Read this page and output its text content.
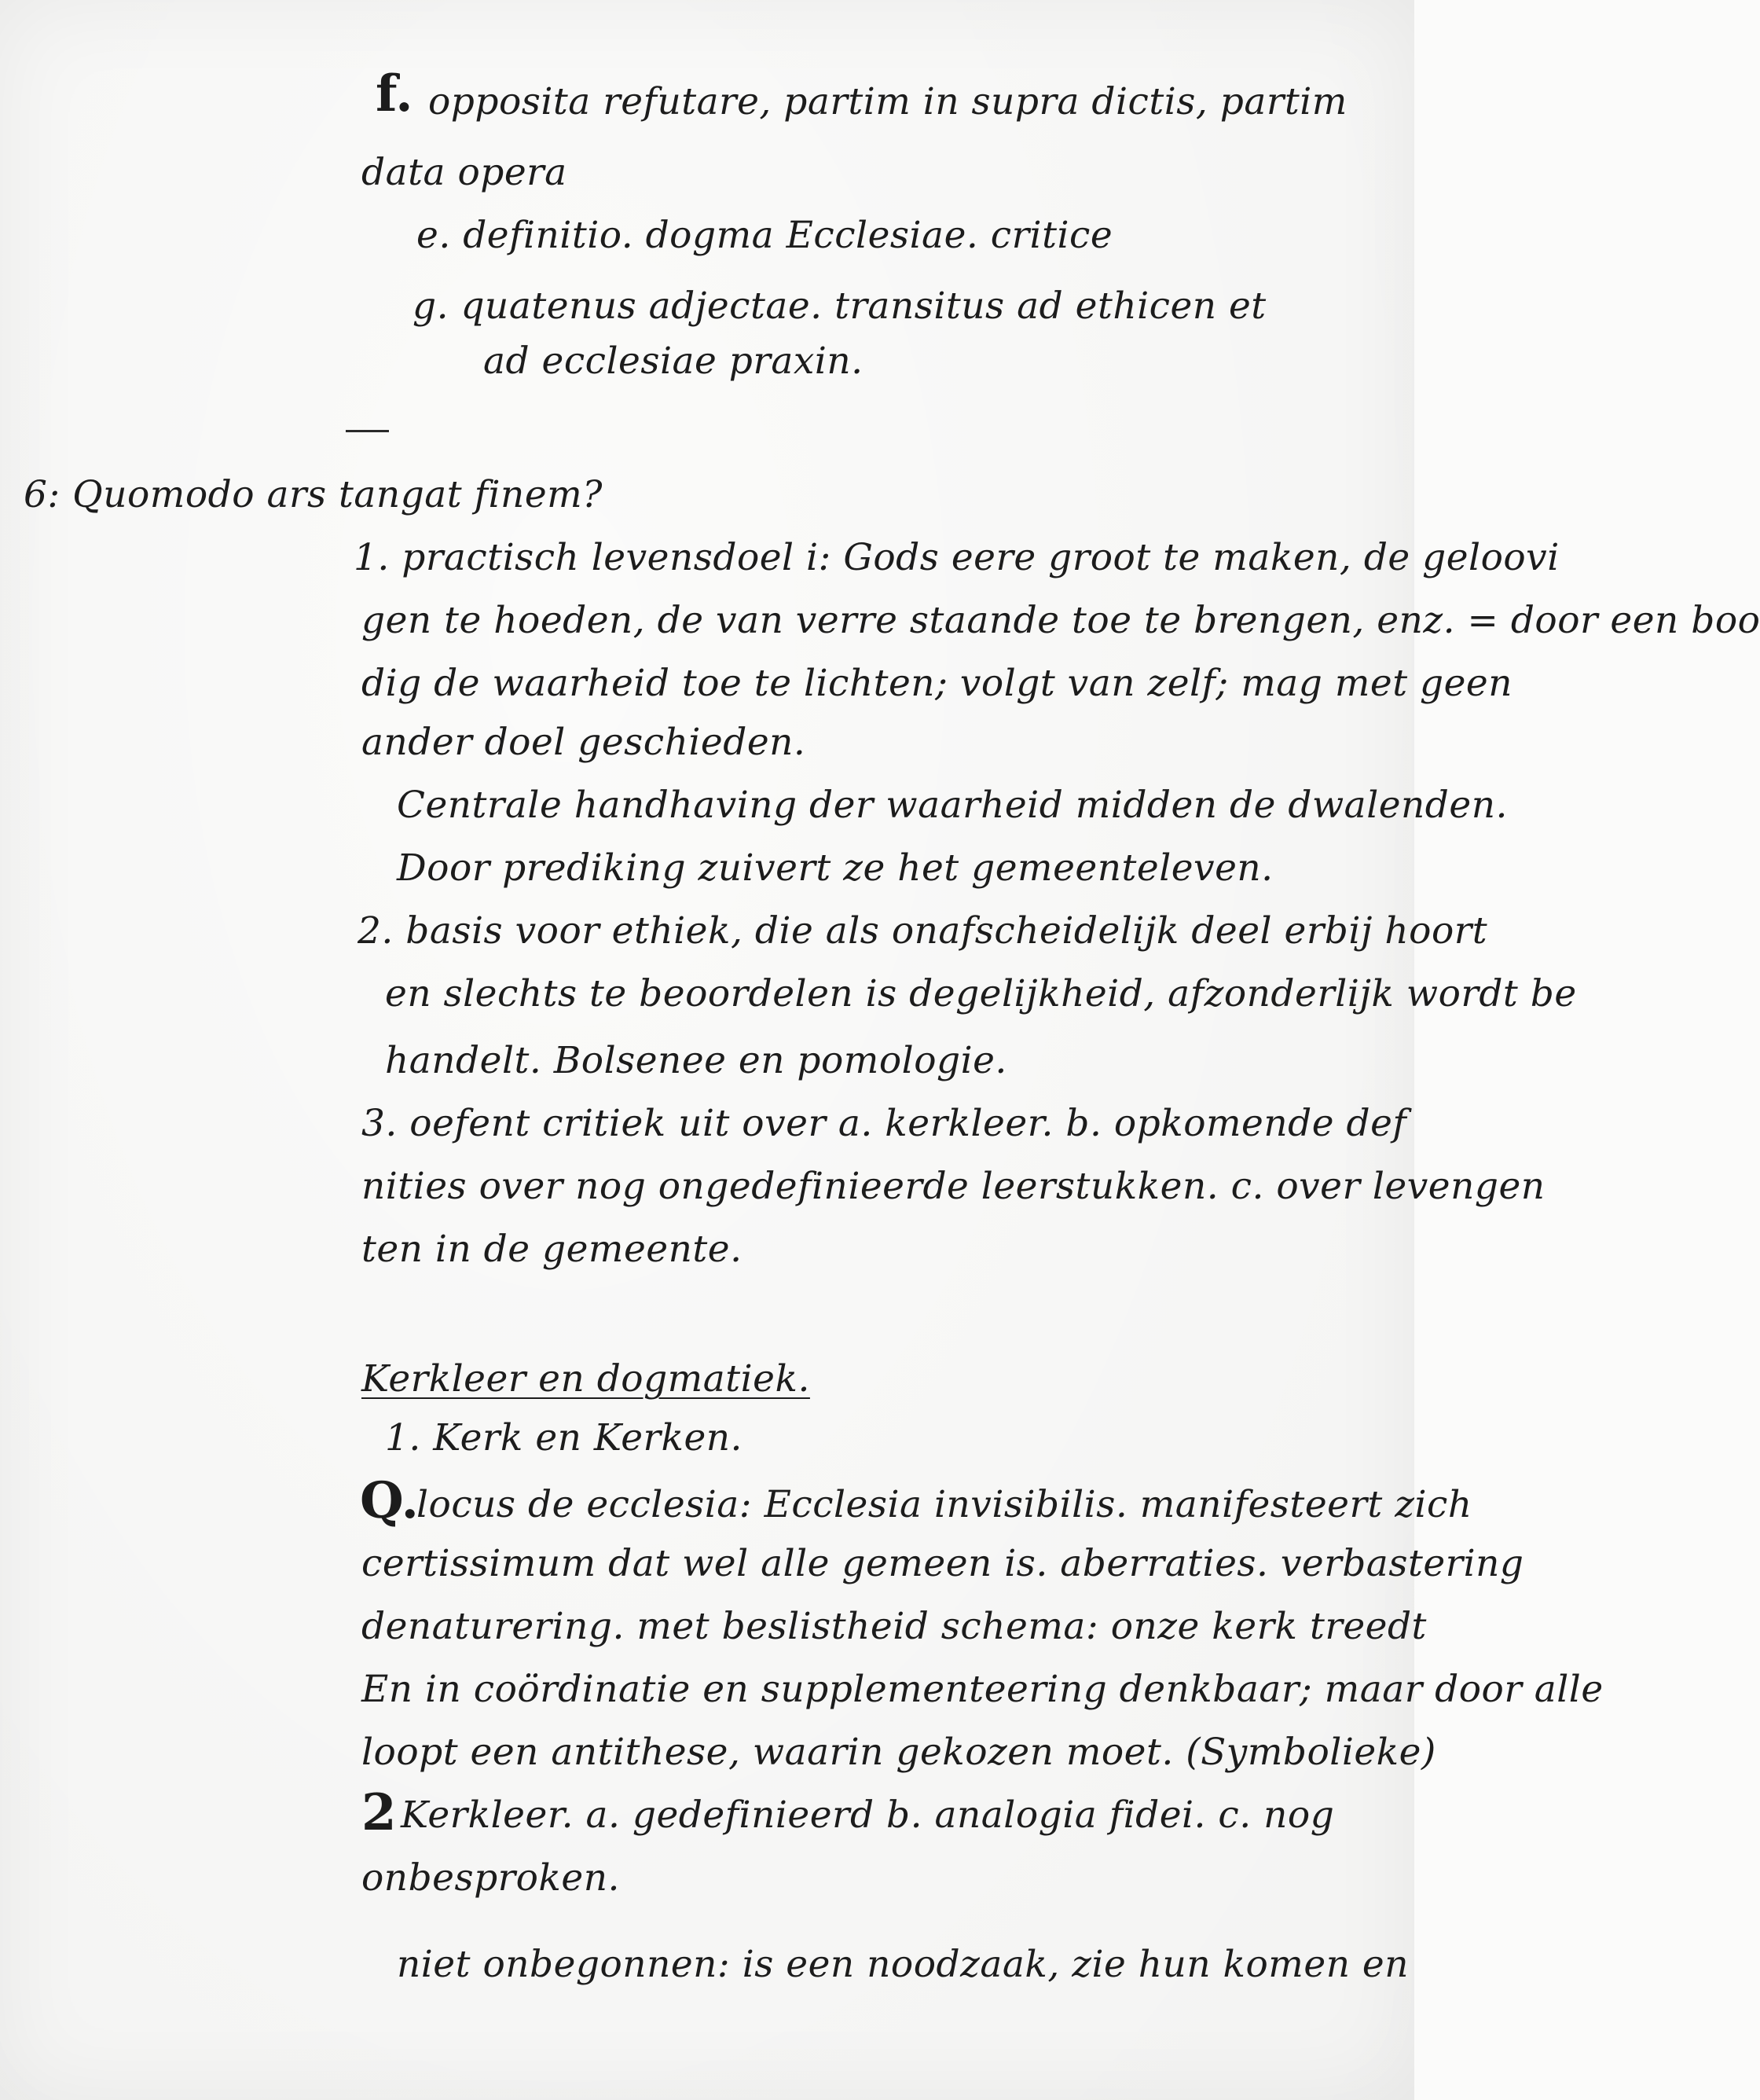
f. opposita refutare, partim in supra dictis, partim
data opera
e. definitio. dogma Ecclesiae. critice
g. quatenus adjectae. transitus ad ethicen et
ad ecclesiae praxin.
6: Quomodo ars tangat finem?
1. practisch levensdoel i: Gods eere groot te maken, de geloovi
gen te hoeden, de van verre staande toe te brengen, enz. = door een boo
dig de waarheid toe te lichten; volgt van zelf; mag met geen
ander doel geschieden.
Centrale handhaving der waarheid midden de dwalenden.
Door prediking zuivert ze het gemeenteleven.
2. basis voor ethiek, die als onafscheidelijk deel erbij hoort
en slechts te beoordelen is degelijkheid, afzonderlijk wordt be
handelt. Bolsenee en pomologie.
3. oefent critiek uit over a. kerkleer. b. opkomende def
nities over nog ongedefinieerde leerstukken. c. over levengen
ten in de gemeente.
Kerkleer en dogmatiek.
1. Kerk en Kerken.
Q.
locus de ecclesia: Ecclesia invisibilis. manifesteert zich
certissimum dat wel alle gemeen is. aberraties. verbastering
denaturering. met beslistheid schema: onze kerk treedt
En in coördinatie en supplementeering denkbaar; maar door alle
loopt een antithese, waarin gekozen moet. (Symbolieke)
2 Kerkleer. a. gedefinieerd b. analogia fidei. c. nog
onbesproken.
niet onbegonnen: is een noodzaak, zie hun komen en
